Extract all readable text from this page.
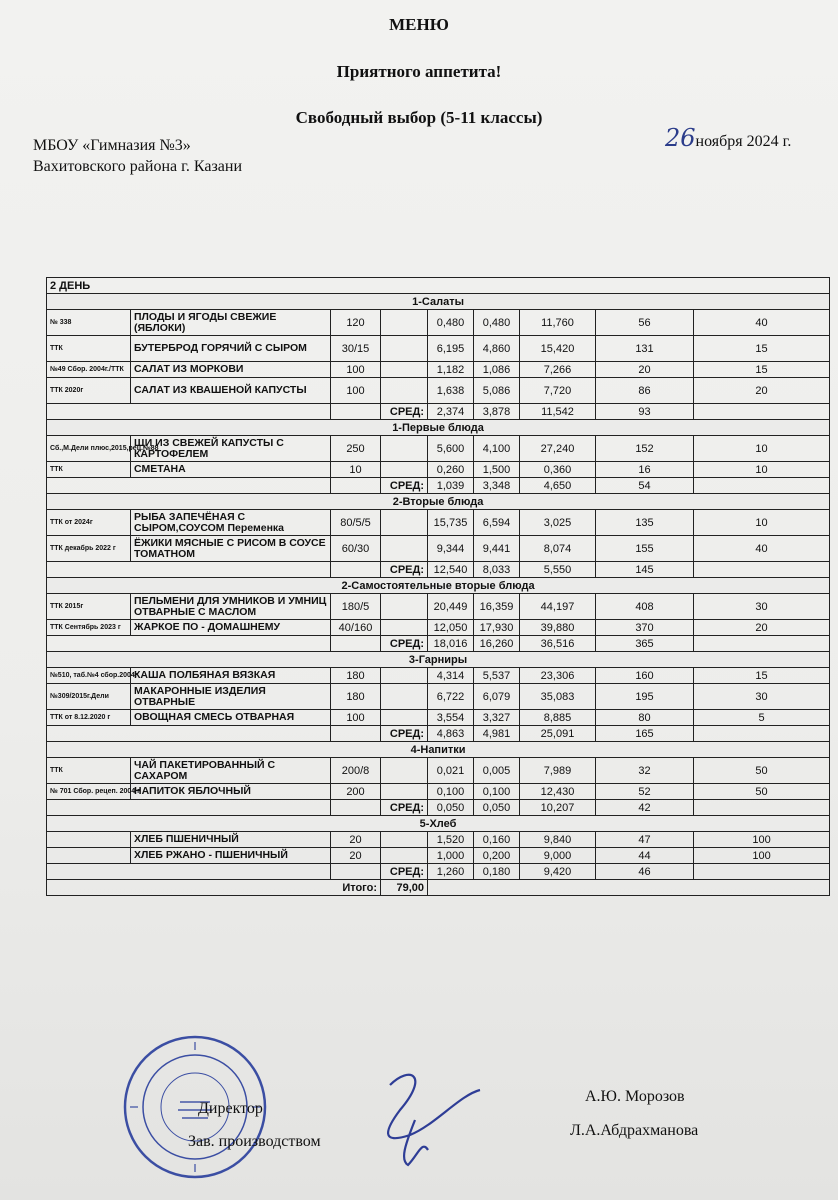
МЕНЮ
Приятного аппетита!
Свободный выбор (5-11 классы)
МБОУ «Гимназия №3»
Вахитовского района г. Казани
26ноября 2024 г.
2 ДЕНЬ								
1-Салаты								
№ 338	ПЛОДЫ И ЯГОДЫ СВЕЖИЕ (ЯБЛОКИ)	120		0,480	0,480	11,760	56	40
ТТК	БУТЕРБРОД ГОРЯЧИЙ С СЫРОМ	30/15		6,195	4,860	15,420	131	15
№49 Сбор. 2004г./ТТК	САЛАТ ИЗ МОРКОВИ	100		1,182	1,086	7,266	20	15
ТТК 2020г	САЛАТ ИЗ КВАШЕНОЙ КАПУСТЫ	100		1,638	5,086	7,720	86	20
			СРЕД:	2,374	3,878	11,542	93	
1-Первые блюда								
Сб.,М.Дели плюс,2015,рец.№88	ЩИ ИЗ СВЕЖЕЙ КАПУСТЫ С КАРТОФЕЛЕМ	250		5,600	4,100	27,240	152	10
ТТК	СМЕТАНА	10		0,260	1,500	0,360	16	10
			СРЕД:	1,039	3,348	4,650	54	
2-Вторые блюда								
ТТК от 2024г	РЫБА ЗАПЕЧЁНАЯ С СЫРОМ,СОУСОМ Переменка	80/5/5		15,735	6,594	3,025	135	10
ТТК декабрь 2022 г	ЁЖИКИ МЯСНЫЕ С РИСОМ В СОУСЕ ТОМАТНОМ	60/30		9,344	9,441	8,074	155	40
			СРЕД:	12,540	8,033	5,550	145	
2-Самостоятельные вторые блюда								
ТТК 2015г	ПЕЛЬМЕНИ ДЛЯ УМНИКОВ И УМНИЦ ОТВАРНЫЕ С МАСЛОМ	180/5		20,449	16,359	44,197	408	30
ТТК Сентябрь 2023 г	ЖАРКОЕ ПО - ДОМАШНЕМУ	40/160		12,050	17,930	39,880	370	20
			СРЕД:	18,016	16,260	36,516	365	
3-Гарниры								
№510, таб.№4 сбор.2004г	КАША ПОЛБЯНАЯ ВЯЗКАЯ	180		4,314	5,537	23,306	160	15
№309/2015г.Дели	МАКАРОННЫЕ ИЗДЕЛИЯ ОТВАРНЫЕ	180		6,722	6,079	35,083	195	30
ТТК от 8.12.2020 г	ОВОЩНАЯ СМЕСЬ ОТВАРНАЯ	100		3,554	3,327	8,885	80	5
			СРЕД:	4,863	4,981	25,091	165	
4-Напитки								
ТТК	ЧАЙ ПАКЕТИРОВАННЫЙ С САХАРОМ	200/8		0,021	0,005	7,989	32	50
№ 701 Сбор. рецеп. 2004 г	НАПИТОК ЯБЛОЧНЫЙ	200		0,100	0,100	12,430	52	50
			СРЕД:	0,050	0,050	10,207	42	
5-Хлеб								
	ХЛЕБ ПШЕНИЧНЫЙ	20		1,520	0,160	9,840	47	100
	ХЛЕБ РЖАНО - ПШЕНИЧНЫЙ	20		1,000	0,200	9,000	44	100
			СРЕД:	1,260	0,180	9,420	46	
Итого:			79,00					
Директор
А.Ю. Морозов
Зав. производством
Л.А.Абдрахманова
